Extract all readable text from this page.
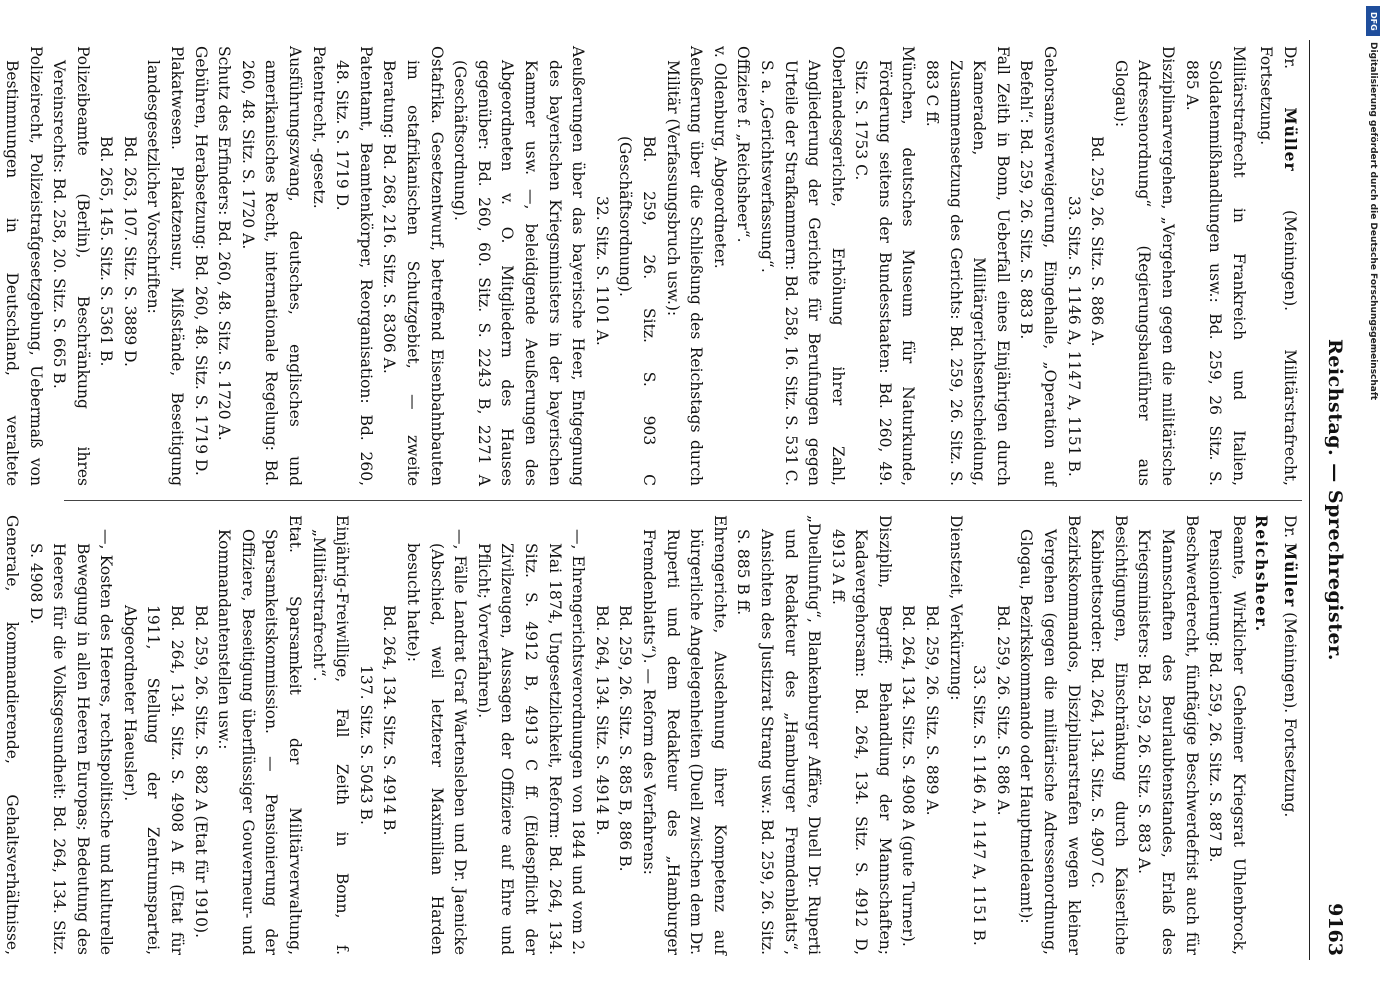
Reichstag. — Sprechregister.
9163
Dr. Müller (Meiningen). Militärstrafrecht, Fortsetzung.

Militärstrafrecht in Frankreich und Italien, Soldatenmißhandlungen usw.: Bd. 259, 26 Sitz. S. 885 A.

Disziplinarvergehen, „Vergehen gegen die militärische Adressenordnung“ (Regierungsbauführer aus Glogau):

Bd. 259, 26. Sitz. S. 886 A.

33. Sitz. S. 1146 A, 1147 A, 1151 B.

Gehorsamsverweigerung, Eingehalle, „Operation auf Befehl“: Bd. 259, 26. Sitz. S. 883 B.

Fall Zeith in Bonn, Ueberfall eines Einjährigen durch Kameraden, Militärgerichtsentscheidung, Zusammensetzung des Gerichts: Bd. 259, 26. Sitz. S. 883 C ff.

München, deutsches Museum für Naturkunde, Förderung seitens der Bundesstaaten: Bd. 260, 49. Sitz. S. 1753 C.

Oberlandesgerichte, Erhöhung ihrer Zahl, Angliederung der Gerichte für Berufungen gegen Urteile der Strafkammern: Bd. 258, 16. Sitz. S. 531 C.

S. a. „Gerichtsverfassung“.

Offiziere f. „Reichsheer“.

v. Oldenburg, Abgeordneter.

Aeußerung über die Schließung des Reichstags durch Militär (Verfassungsbruch usw.):

Bd. 259, 26. Sitz. S. 903 C (Geschäftsordnung).

32. Sitz. S. 1101 A.

Aeußerungen über das bayerische Heer, Entgegnung des bayerischen Kriegsministers in der bayerischen Kammer usw. —, beleidigende Aeußerungen des Abgeordneten v. O. Mitgliedern des Hauses gegenüber: Bd. 260, 60. Sitz. S. 2243 B, 2271 A (Geschäftsordnung).

Ostafrika. Gesetzentwurf, betreffend Eisenbahnbauten im ostafrikanischen Schutzgebiet, — zweite Beratung: Bd. 268, 216. Sitz. S. 8306 A.

Patentamt, Beamtenkörper, Reorganisation: Bd. 260, 48. Sitz. S. 1719 D.

Patentrecht, -gesetz.

Ausführungszwang, deutsches, englisches und amerikanisches Recht, internationale Regelung: Bd. 260, 48. Sitz. S. 1720 A.

Schutz des Erfinders: Bd. 260, 48. Sitz. S. 1720 A.

Gebühren, Herabsetzung: Bd. 260, 48. Sitz. S. 1719 D.

Plakatwesen. Plakatzensur, Mißstände, Beseitigung landesgesetzlicher Vorschriften:

Bd. 263, 107. Sitz. S. 3889 D.

Bd. 265, 145. Sitz. S. 5361 B.

Polizeibeamte (Berlin), Beschränkung ihres Vereinsrechts: Bd. 258, 20. Sitz. S. 665 B.

Polizeirecht, Polizeistrafgesetzgebung, Uebermaß von Bestimmungen in Deutschland, veraltete

Dr. Müller (Meiningen). Fortsetzung.

Reichsheer.

Beamte, Wirklicher Geheimer Kriegsrat Uhlenbrock, Pensionierung: Bd. 259, 26. Sitz. S. 887 B.

Beschwerderecht, fünftägige Beschwerdefrist auch für Mannschaften des Beurlaubtenstandes, Erlaß des Kriegsministers: Bd. 259, 26. Sitz. S. 883 A.

Besichtigungen, Einschränkung durch Kaiserliche Kabinettsorder: Bd. 264, 134. Sitz. S. 4907 C.

Bezirkskommandos, Disziplinarstrafen wegen kleiner Vergehen (gegen die militärische Adressenordnung, Glogau, Bezirkskommando oder Hauptmeldeamt):

Bd. 259, 26. Sitz. S. 886 A.

33. Sitz. S. 1146 A, 1147 A, 1151 B.

Dienstzeit, Verkürzung:

Bd. 259, 26. Sitz. S. 889 A.

Bd. 264, 134. Sitz. S. 4908 A (gute Turner).

Disziplin, Begriff; Behandlung der Mannschaften; Kadavergehorsam: Bd. 264, 134. Sitz. S. 4912 D, 4913 A ff.

„Duellunfug“, Blankenburger Affäre, Duell Dr. Ruperti und Redakteur des „Hamburger Fremdenblatts“, Ansichten des Justizrat Strang usw.: Bd. 259, 26. Sitz. S. 885 B ff.

Ehrengerichte, Ausdehnung ihrer Kompetenz auf bürgerliche Angelegenheiten (Duell zwischen dem Dr. Ruperti und dem Redakteur des „Hamburger Fremdenblatts“). — Reform des Verfahrens:

Bd. 259, 26. Sitz. S. 885 B, 886 B.

Bd. 264, 134. Sitz. S. 4914 B.

—, Ehrengerichtsverordnungen von 1844 und vom 2. Mai 1874, Ungesetzlichkeit, Reform: Bd. 264, 134. Sitz. S. 4912 B, 4913 C ff. (Eidespflicht der Zivilzeugen, Aussagen der Offiziere auf Ehre und Pflicht; Vorverfahren).

—, Fälle Landrat Graf Wartensleben und Dr. Jaenicke (Abschied, weil letzterer Maximilian Harden besucht hatte):

Bd. 264, 134. Sitz. S. 4914 B.

137. Sitz. S. 5043 B.

Einjährig-Freiwillige, Fall Zeith in Bonn, f. „Militärstrafrecht“.

Etat. Sparsamkeit der Militärverwaltung, Sparsamkeitskommission. — Pensionierung der Offiziere, Beseitigung überflüssiger Gouverneur- und Kommandantenstellen usw.:

Bd. 259, 26. Sitz. S. 882 A (Etat für 1910).

Bd. 264, 134. Sitz. S. 4908 A ff. (Etat für 1911, Stellung der Zentrumspartei, Abgeordneter Haeusler).

—, Kosten des Heeres, rechtspolitische und kulturelle Bewegung in allen Heeren Europas; Bedeutung des Heeres für die Volksgesundheit: Bd. 264, 134. Sitz. S. 4908 D.

Generale, kommandierende, Gehaltsverhältnisse,

DFG
Digitalisierung gefördert durch die Deutsche Forschungsgemeinschaft
